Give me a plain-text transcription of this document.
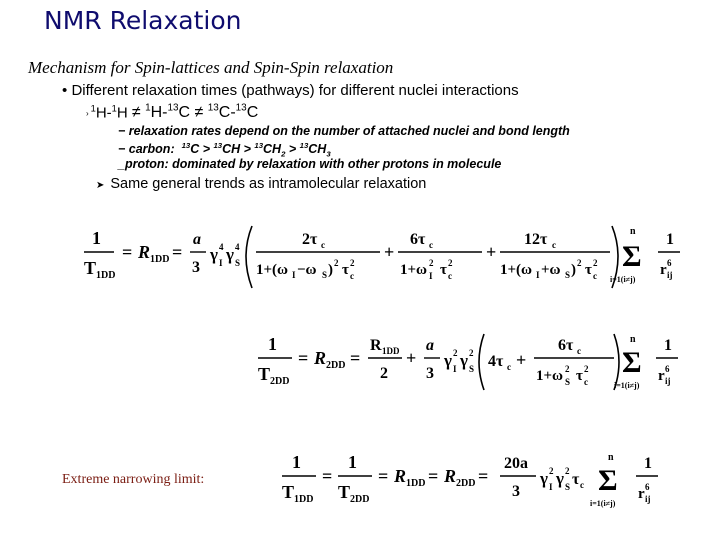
NMR Relaxation
Mechanism for Spin-lattices and Spin-Spin relaxation
• Different relaxation times (pathways) for different nuclei interactions
›$^1$H-$^1$H ≠ $^1$H-$^{13}$C ≠ $^{13}$C-$^{13}$C
− relaxation rates depend on the number of attached nuclei and bond length
− carbon:  $^{13}C > ^{13}CH > ^{13}CH_2 > ^{13}CH_3$
_proton: dominated by relaxation with other protons in molecule
➤ Same general trends as intramolecular relaxation
1
T 1DD
= R 1DD =
a
3
γ 4
I γ 4
S
2τ c
1+(ω I −ω S ) 2 τ 2
c
+
6τ c
1+ω 2
I τ 2
c
+
12τ c
1+(ω I +ω S ) 2 τ 2
c
n
Σ
i=1(i≠j)
1
r 6
ij
1
T 2DD
= R 2DD =
R 1DD
2
+
a
3
γ 2
I γ 2
S 4τ c +
6τ c
1+ω 2
S τ 2
c
n
Σ
i=1(i≠j)
1
r 6
ij
1
T 1DD
=
1
T 2DD
= R 1DD = R 2DD =
20a
3
γ 2
I γ 2
S τ c
n
Σ
i=1(i≠j)
1
r 6
ij
Extreme narrowing limit:
